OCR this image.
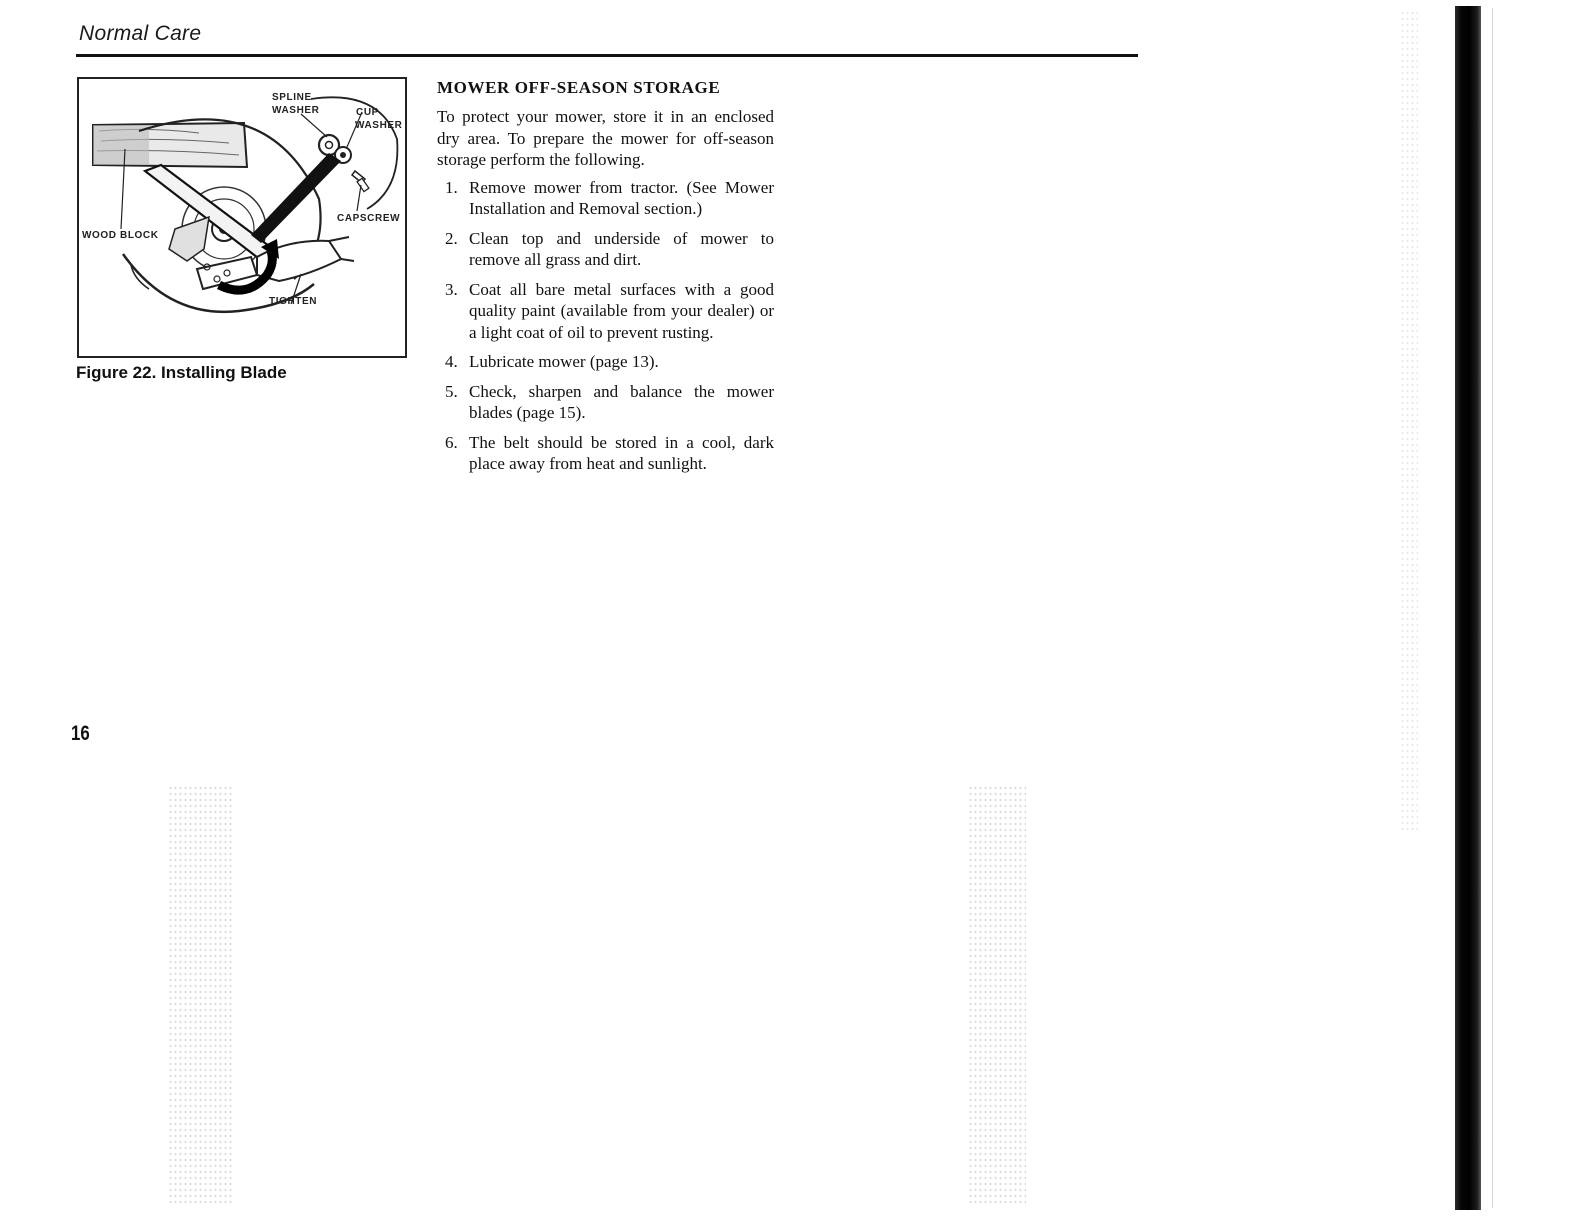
Normal Care
SPLINE
WASHER	CUP
WASHER
CAPSCREW
WOOD BLOCK
TIGHTEN
Figure 22. Installing Blade
MOWER OFF-SEASON STORAGE

To protect your mower, store it in an enclosed dry area. To prepare the mower for off-season storage perform the following.

1. Remove mower from tractor. (See Mower Installation and Removal section.)
2. Clean top and underside of mower to remove all grass and dirt.
3. Coat all bare metal surfaces with a good quality paint (available from your dealer) or a light coat of oil to prevent rusting.
4. Lubricate mower (page 13).
5. Check, sharpen and balance the mower blades (page 15).
6. The belt should be stored in a cool, dark place away from heat and sunlight.
16
